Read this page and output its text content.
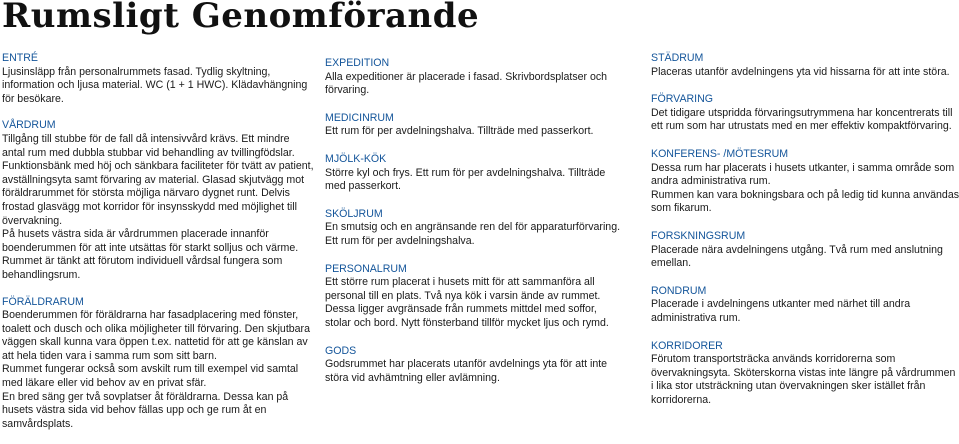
Rumsligt Genomförande
ENTRÉ
Ljusinsläpp från personalrummets fasad. Tydlig skyltning, information och ljusa material. WC (1 + 1 HWC). Klädavhängning för besökare.
VÅRDRUM
Tillgång till stubbe för de fall då intensivvård krävs. Ett mindre antal rum med dubbla stubbar vid behandling av tvillingfödslar. Funktionsbänk med höj och sänkbara faciliteter för tvätt av patient, avställningsyta samt förvaring av material. Glasad skjutvägg mot föräldrarummet för största möjliga närvaro dygnet runt. Delvis frostad glasvägg mot korridor för insynsskydd med möjlighet till övervakning.
På husets västra sida är vårdrummen placerade innanför boenderummen för att inte utsättas för starkt solljus och värme.
Rummet är tänkt att förutom individuell vårdsal fungera som behandlingsrum.
FÖRÄLDRARUM
Boenderummen för föräldrarna har fasadplacering med fönster, toalett och dusch och olika möjligheter till förvaring. Den skjutbara väggen skall kunna vara öppen t.ex. nattetid för att ge känslan av att hela tiden vara i samma rum som sitt barn.
Rummet fungerar också som avskilt rum till exempel vid samtal med läkare eller vid behov av en privat sfär.
En bred säng ger två sovplatser åt föräldrarna. Dessa kan på husets västra sida vid behov fällas upp och ge rum åt en samvårdsplats.
EXPEDITION
Alla expeditioner är placerade i fasad. Skrivbordsplatser och förvaring.
MEDICINRUM
Ett rum för per avdelningshalva. Tillträde med passerkort.
MJÖLK-KÖK
Större kyl och frys. Ett rum för per avdelningshalva. Tillträde med passerkort.
SKÖLJRUM
En smutsig och en angränsande ren del för apparaturförvaring. Ett rum för per avdelningshalva.
PERSONALRUM
Ett större rum placerat i husets mitt för att sammanföra all personal till en plats. Två nya kök i varsin ände av rummet. Dessa ligger avgränsade från rummets mittdel med soffor, stolar och bord. Nytt fönsterband tillför mycket ljus och rymd.
GODS
Godsrummet har placerats utanför avdelnings yta för att inte störa vid avhämtning eller avlämning.
STÄDRUM
Placeras utanför avdelningens yta vid hissarna för att inte störa.
FÖRVARING
Det tidigare utspridda förvaringsutrymmena har koncentrerats till ett rum som har utrustats med en mer effektiv kompaktförvaring.
KONFERENS- /MÖTESRUM
Dessa rum har placerats i husets utkanter, i samma område som andra administrativa rum.
Rummen kan vara bokningsbara och på ledig tid kunna användas som fikarum.
FORSKNINGSRUM
Placerade nära avdelningens utgång. Två rum med anslutning emellan.
RONDRUM
Placerade i avdelningens utkanter med närhet till andra administrativa rum.
KORRIDORER
Förutom transportsträcka används korridorerna som övervakningsyta. Sköterskorna vistas inte längre på vårdrummen i lika stor utsträckning utan övervakningen sker istället från korridorerna.
